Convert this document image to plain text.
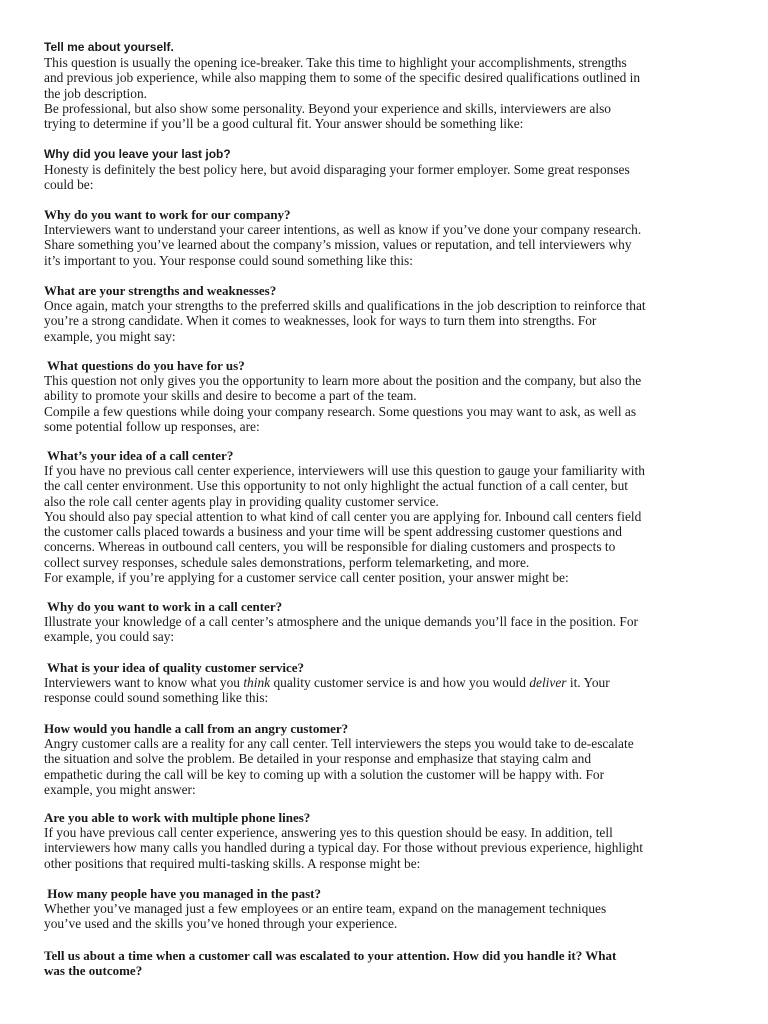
Tell me about yourself.
This question is usually the opening ice-breaker. Take this time to highlight your accomplishments, strengths
and previous job experience, while also mapping them to some of the specific desired qualifications outlined in
the job description.
Be professional, but also show some personality. Beyond your experience and skills, interviewers are also
trying to determine if you’ll be a good cultural fit. Your answer should be something like:
Why did you leave your last job?
Honesty is definitely the best policy here, but avoid disparaging your former employer. Some great responses
could be:
Why do you want to work for our company?
Interviewers want to understand your career intentions, as well as know if you’ve done your company research.
Share something you’ve learned about the company’s mission, values or reputation, and tell interviewers why
it’s important to you. Your response could sound something like this:
What are your strengths and weaknesses?
Once again, match your strengths to the preferred skills and qualifications in the job description to reinforce that
you’re a strong candidate. When it comes to weaknesses, look for ways to turn them into strengths. For
example, you might say:
What questions do you have for us?
This question not only gives you the opportunity to learn more about the position and the company, but also the
ability to promote your skills and desire to become a part of the team.
Compile a few questions while doing your company research. Some questions you may want to ask, as well as
some potential follow up responses, are:
What’s your idea of a call center?
If you have no previous call center experience, interviewers will use this question to gauge your familiarity with
the call center environment. Use this opportunity to not only highlight the actual function of a call center, but
also the role call center agents play in providing quality customer service.
You should also pay special attention to what kind of call center you are applying for. Inbound call centers field
the customer calls placed towards a business and your time will be spent addressing customer questions and
concerns. Whereas in outbound call centers, you will be responsible for dialing customers and prospects to
collect survey responses, schedule sales demonstrations, perform telemarketing, and more.
For example, if you’re applying for a customer service call center position, your answer might be:
Why do you want to work in a call center?
Illustrate your knowledge of a call center’s atmosphere and the unique demands you’ll face in the position. For
example, you could say:
What is your idea of quality customer service?
Interviewers want to know what you think quality customer service is and how you would deliver it. Your
response could sound something like this:
How would you handle a call from an angry customer?
Angry customer calls are a reality for any call center. Tell interviewers the steps you would take to de-escalate
the situation and solve the problem. Be detailed in your response and emphasize that staying calm and
empathetic during the call will be key to coming up with a solution the customer will be happy with. For
example, you might answer:
Are you able to work with multiple phone lines?
If you have previous call center experience, answering yes to this question should be easy. In addition, tell
interviewers how many calls you handled during a typical day. For those without previous experience, highlight
other positions that required multi-tasking skills. A response might be:
How many people have you managed in the past?
Whether you’ve managed just a few employees or an entire team, expand on the management techniques
you’ve used and the skills you’ve honed through your experience.
Tell us about a time when a customer call was escalated to your attention. How did you handle it? What
was the outcome?
